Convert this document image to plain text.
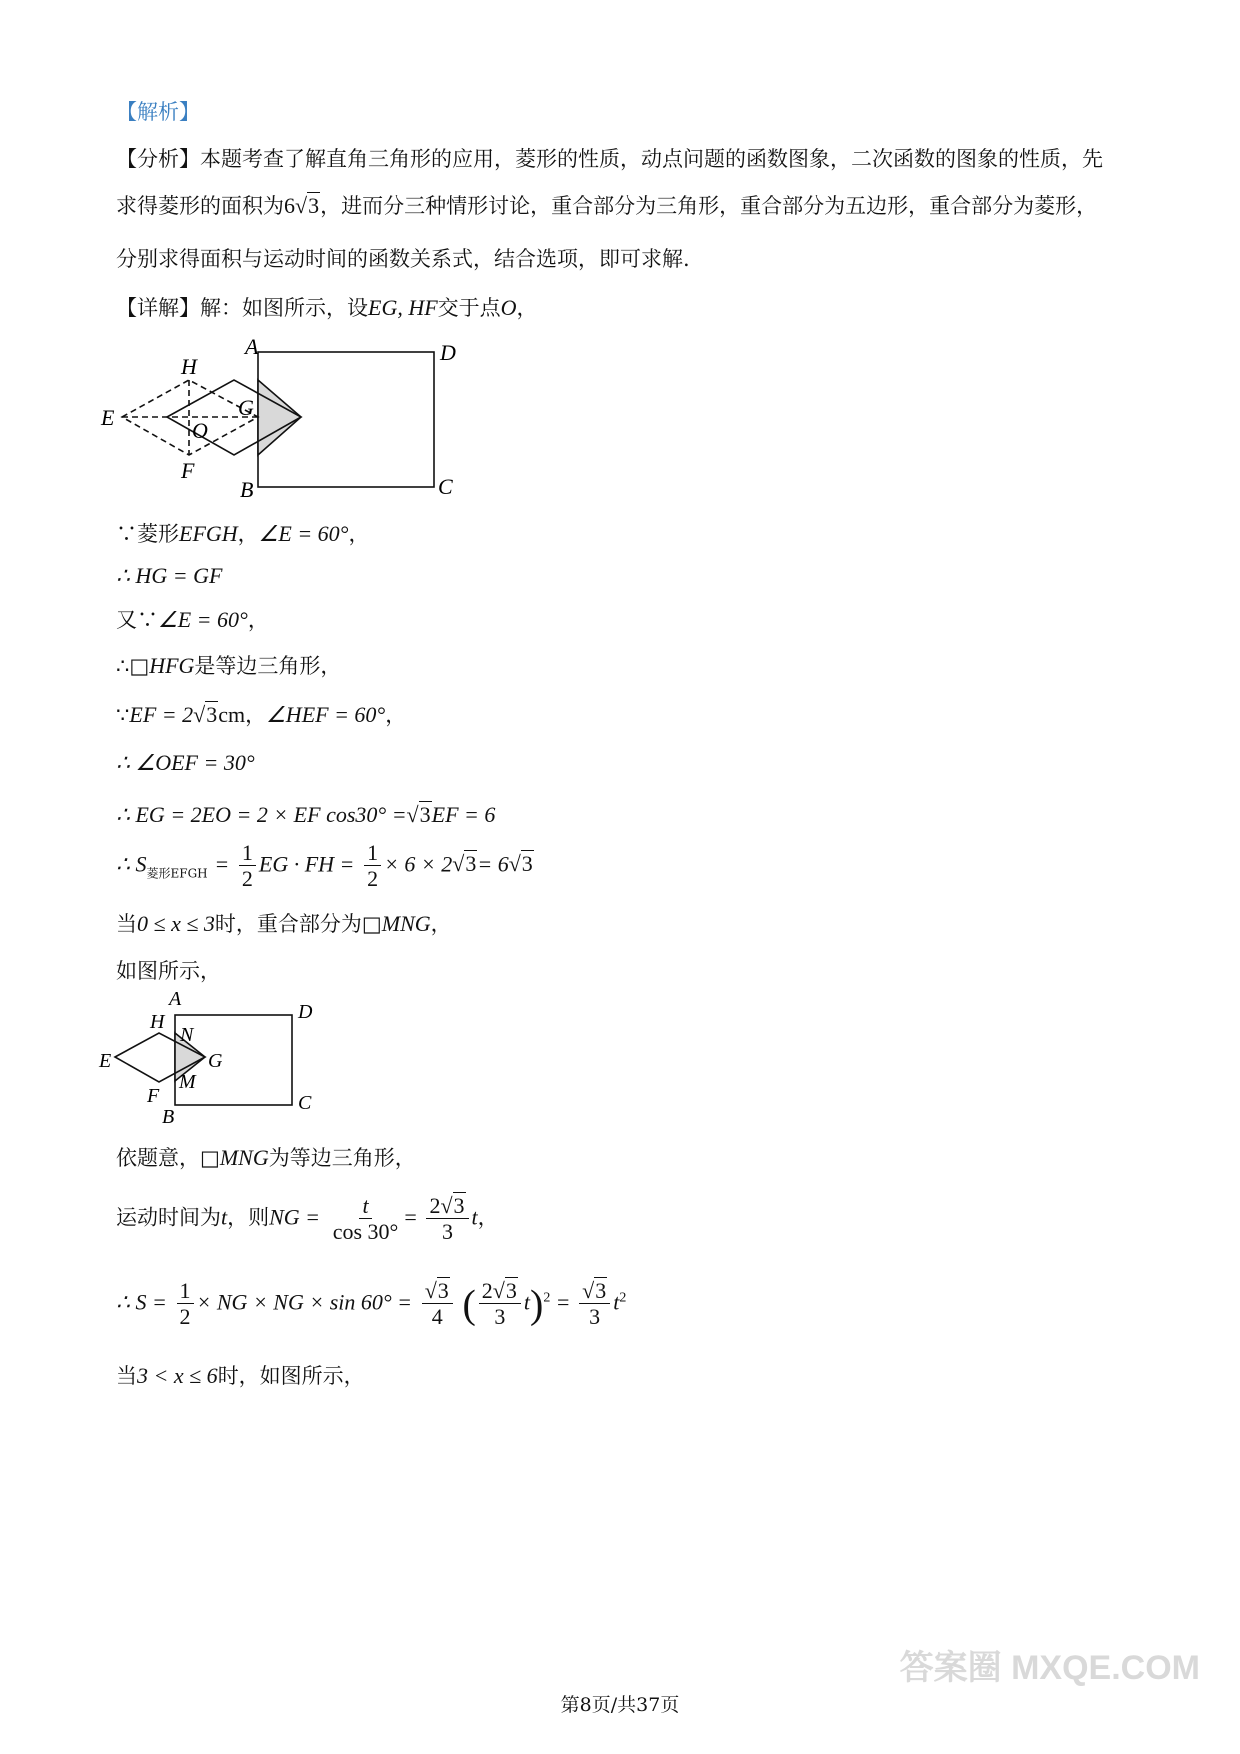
【解析】
【分析】本题考查了解直角三角形的应用，菱形的性质，动点问题的函数图象，二次函数的图象的性质，先
求得菱形的面积为6√3，进而分三种情形讨论，重合部分为三角形，重合部分为五边形，重合部分为菱形，
分别求得面积与运动时间的函数关系式，结合选项，即可求解.
【详解】解：如图所示，设EG, HF交于点O，
A	D
B	C
H
E	G
O
F
∵菱形EFGH，∠E = 60°，
∴ HG = GF
又∵∠E = 60°，
∴□HFG是等边三角形，
∵EF = 2√3cm，∠HEF = 60°，
∴ ∠OEF = 30°
∴ EG = 2EO = 2 × EF cos30° =√3EF = 6
∴ $S_{菱形EFGH} = \frac{1}{2}$ EG · FH = $\frac{1}{2} \times 6 \times 2√3= 6√3$
当0 ≤ x ≤ 3时，重合部分为□MNG，
如图所示，
A
D
H
N
E	G
M
F	C
B
依题意，□MNG为等边三角形，
运动时间为t，则NG = $\frac{t}{\cos 30^\circ} = \frac{2√3}{3}$ t，
∴ $S = \frac{1}{2}$ × NG × NG × $\sin 60^\circ = \frac{√3}{4}$ ( $\frac{2√3}{3} t)^2 = \frac{√3}{3} t^2$
当3 < x ≤ 6时，如图所示，
第8页/共37页
答案圈 MXQE.COM
